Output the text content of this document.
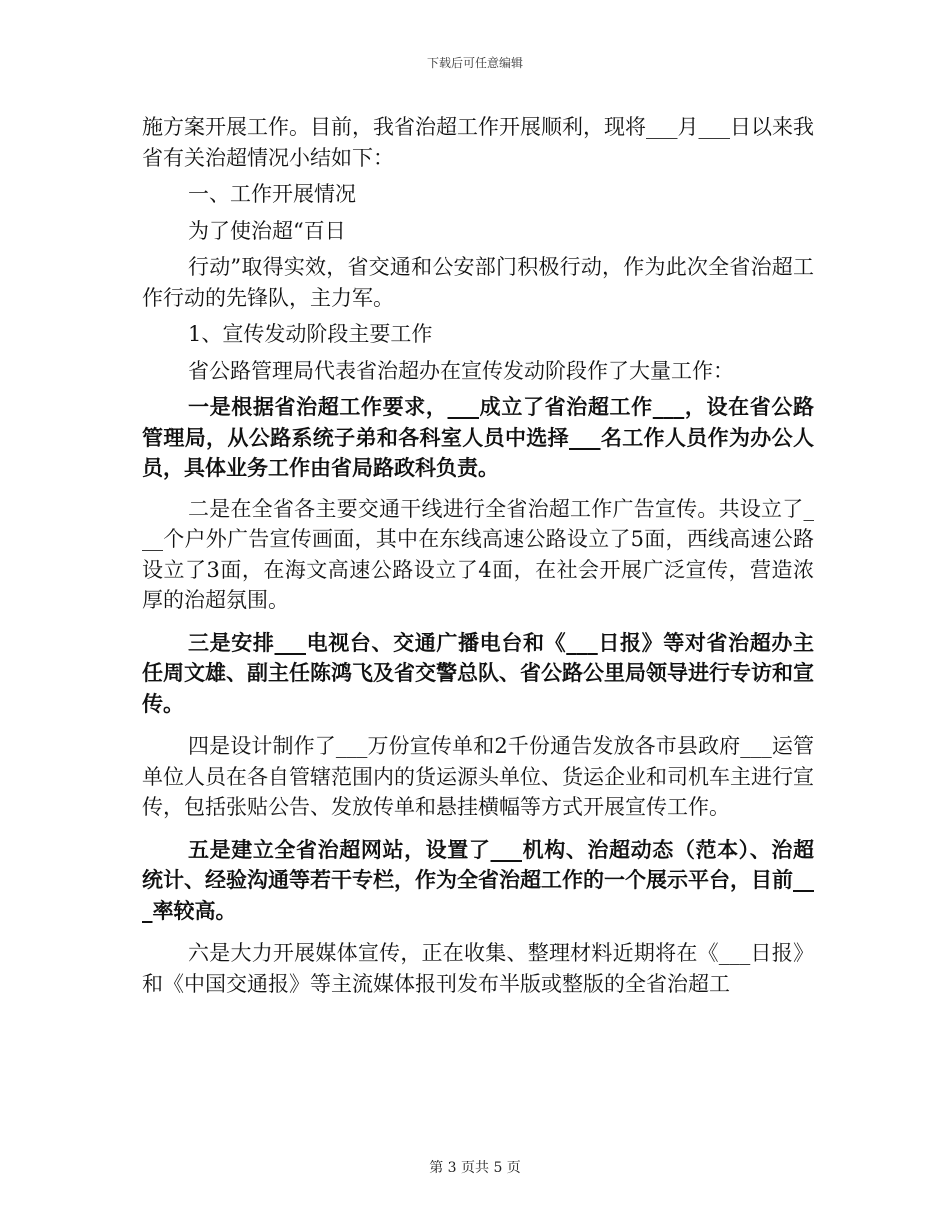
下载后可任意编辑

施方案开展工作。目前，我省治超工作开展顺利，现将___月___日以来我省有关治超情况小结如下：

一、工作开展情况

为了使治超“百日

行动”取得实效，省交通和公安部门积极行动，作为此次全省治超工作行动的先锋队，主力军。

1、宣传发动阶段主要工作

省公路管理局代表省治超办在宣传发动阶段作了大量工作：

一是根据省治超工作要求，___成立了省治超工作___，设在省公路管理局，从公路系统子弟和各科室人员中选择___名工作人员作为办公人员，具体业务工作由省局路政科负责。

二是在全省各主要交通干线进行全省治超工作广告宣传。共设立了___个户外广告宣传画面，其中在东线高速公路设立了5面，西线高速公路设立了3面，在海文高速公路设立了4面，在社会开展广泛宣传，营造浓厚的治超氛围。

三是安排___电视台、交通广播电台和《___日报》等对省治超办主任周文雄、副主任陈鸿飞及省交警总队、省公路公里局领导进行专访和宣传。

四是设计制作了___万份宣传单和2千份通告发放各市县政府___运管单位人员在各自管辖范围内的货运源头单位、货运企业和司机车主进行宣传，包括张贴公告、发放传单和悬挂横幅等方式开展宣传工作。

五是建立全省治超网站，设置了___机构、治超动态（范本）、治超统计、经验沟通等若干专栏，作为全省治超工作的一个展示平台，目前___率较高。

六是大力开展媒体宣传，正在收集、整理材料近期将在《___日报》和《中国交通报》等主流媒体报刊发布半版或整版的全省治超工

第 3 页共 5 页
